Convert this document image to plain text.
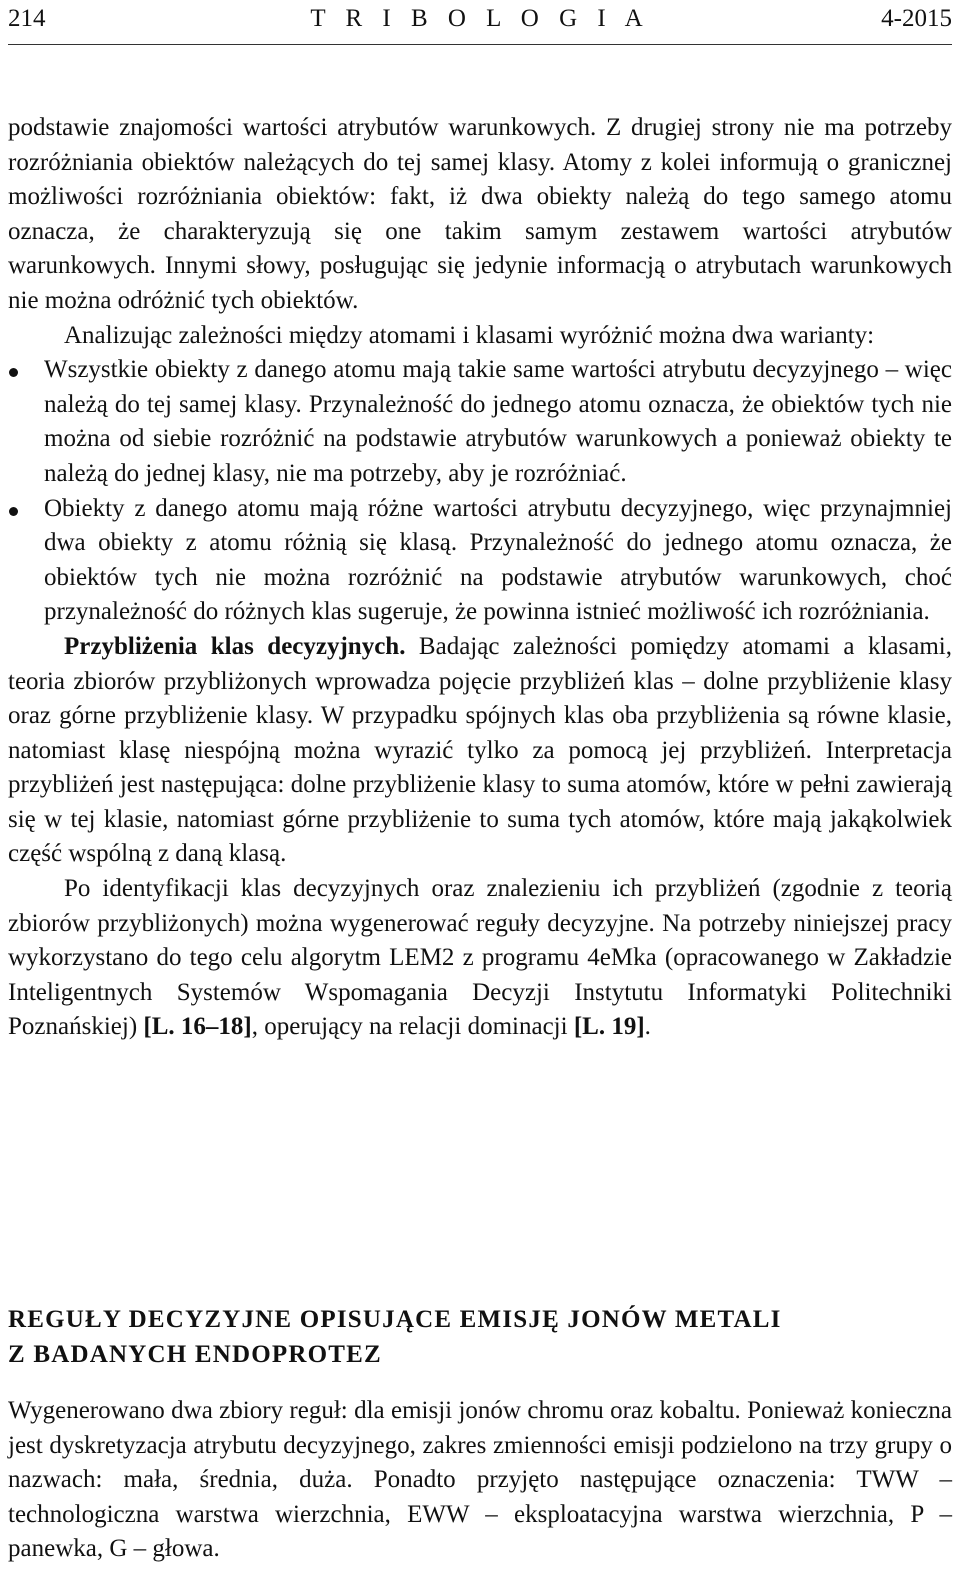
214	T R I B O L O G I A	4-2015

podstawie znajomości wartości atrybutów warunkowych. Z drugiej strony nie ma potrzeby rozróżniania obiektów należących do tej samej klasy. Atomy z kolei informują o granicznej możliwości rozróżniania obiektów: fakt, iż dwa obiekty należą do tego samego atomu oznacza, że charakteryzują się one takim samym zestawem wartości atrybutów warunkowych. Innymi słowy, posługując się jedynie informacją o atrybutach warunkowych nie można odróżnić tych obiektów.

Analizując zależności między atomami i klasami wyróżnić można dwa warianty:

Wszystkie obiekty z danego atomu mają takie same wartości atrybutu decyzyjnego – więc należą do tej samej klasy. Przynależność do jednego atomu oznacza, że obiektów tych nie można od siebie rozróżnić na podstawie atrybutów warunkowych a ponieważ obiekty te należą do jednej klasy, nie ma potrzeby, aby je rozróżniać.
Obiekty z danego atomu mają różne wartości atrybutu decyzyjnego, więc przynajmniej dwa obiekty z atomu różnią się klasą. Przynależność do jednego atomu oznacza, że obiektów tych nie można rozróżnić na podstawie atrybutów warunkowych, choć przynależność do różnych klas sugeruje, że powinna istnieć możliwość ich rozróżniania.

Przybliżenia klas decyzyjnych. Badając zależności pomiędzy atomami a klasami, teoria zbiorów przybliżonych wprowadza pojęcie przybliżeń klas – dolne przybliżenie klasy oraz górne przybliżenie klasy. W przypadku spójnych klas oba przybliżenia są równe klasie, natomiast klasę niespójną można wyrazić tylko za pomocą jej przybliżeń. Interpretacja przybliżeń jest następująca: dolne przybliżenie klasy to suma atomów, które w pełni zawierają się w tej klasie, natomiast górne przybliżenie to suma tych atomów, które mają jakąkolwiek część wspólną z daną klasą.

Po identyfikacji klas decyzyjnych oraz znalezieniu ich przybliżeń (zgodnie z teorią zbiorów przybliżonych) można wygenerować reguły decyzyjne. Na potrzeby niniejszej pracy wykorzystano do tego celu algorytm LEM2 z programu 4eMka (opracowanego w Zakładzie Inteligentnych Systemów Wspomagania Decyzji Instytutu Informatyki Politechniki Poznańskiej) [L. 16–18], operujący na relacji dominacji [L. 19].

REGUŁY DECYZYJNE OPISUJĄCE EMISJĘ JONÓW METALI
Z BADANYCH ENDOPROTEZ

Wygenerowano dwa zbiory reguł: dla emisji jonów chromu oraz kobaltu. Ponieważ konieczna jest dyskretyzacja atrybutu decyzyjnego, zakres zmienności emisji podzielono na trzy grupy o nazwach: mała, średnia, duża. Ponadto przyjęto następujące oznaczenia: TWW – technologiczna warstwa wierzchnia, EWW – eksploatacyjna warstwa wierzchnia, P – panewka, G – głowa.
